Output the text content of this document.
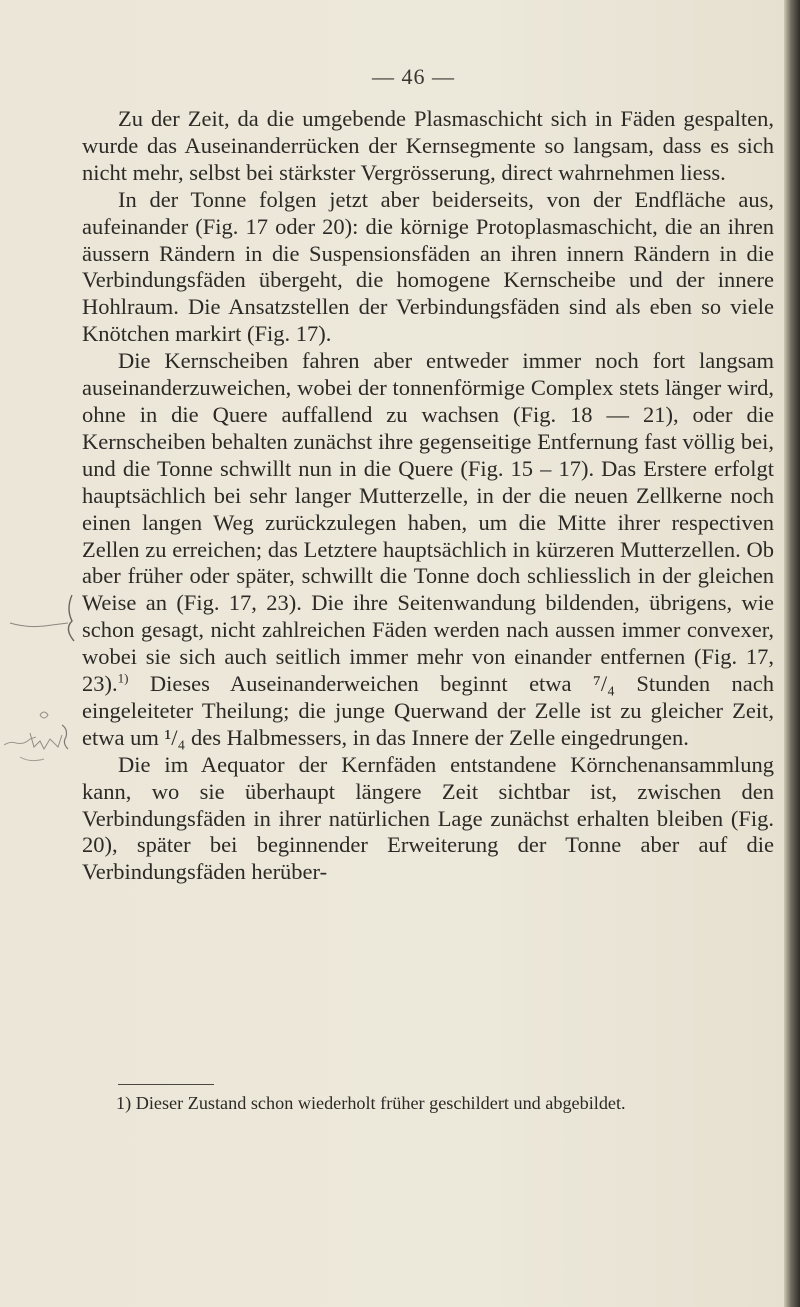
— 46 —

Zu der Zeit, da die umgebende Plasmaschicht sich in Fäden gespalten, wurde das Auseinanderrücken der Kernsegmente so langsam, dass es sich nicht mehr, selbst bei stärkster Vergrösserung, direct wahrnehmen liess.

In der Tonne folgen jetzt aber beiderseits, von der Endfläche aus, aufeinander (Fig. 17 oder 20): die körnige Protoplasmaschicht, die an ihren äussern Rändern in die Suspensionsfäden an ihren innern Rändern in die Verbindungsfäden übergeht, die homogene Kernscheibe und der innere Hohlraum. Die Ansatzstellen der Verbindungsfäden sind als eben so viele Knötchen markirt (Fig. 17).

Die Kernscheiben fahren aber entweder immer noch fort langsam auseinanderzuweichen, wobei der tonnenförmige Complex stets länger wird, ohne in die Quere auffallend zu wachsen (Fig. 18 — 21), oder die Kernscheiben behalten zunächst ihre gegenseitige Entfernung fast völlig bei, und die Tonne schwillt nun in die Quere (Fig. 15 – 17). Das Erstere erfolgt hauptsächlich bei sehr langer Mutterzelle, in der die neuen Zellkerne noch einen langen Weg zurückzulegen haben, um die Mitte ihrer respectiven Zellen zu erreichen; das Letztere hauptsächlich in kürzeren Mutterzellen. Ob aber früher oder später, schwillt die Tonne doch schliesslich in der gleichen Weise an (Fig. 17, 23). Die ihre Seitenwandung bildenden, übrigens, wie schon gesagt, nicht zahlreichen Fäden werden nach aussen immer convexer, wobei sie sich auch seitlich immer mehr von einander entfernen (Fig. 17, 23).$^{1)}$ Dieses Auseinanderweichen beginnt etwa ⁷/₄ Stunden nach eingeleiteter Theilung; die junge Querwand der Zelle ist zu gleicher Zeit, etwa um ¹/₄ des Halbmessers, in das Innere der Zelle eingedrungen.

Die im Aequator der Kernfäden entstandene Körnchenansammlung kann, wo sie überhaupt längere Zeit sichtbar ist, zwischen den Verbindungsfäden in ihrer natürlichen Lage zunächst erhalten bleiben (Fig. 20), später bei beginnender Erweiterung der Tonne aber auf die Verbindungsfäden herüber-

1) Dieser Zustand schon wiederholt früher geschildert und abgebildet.
